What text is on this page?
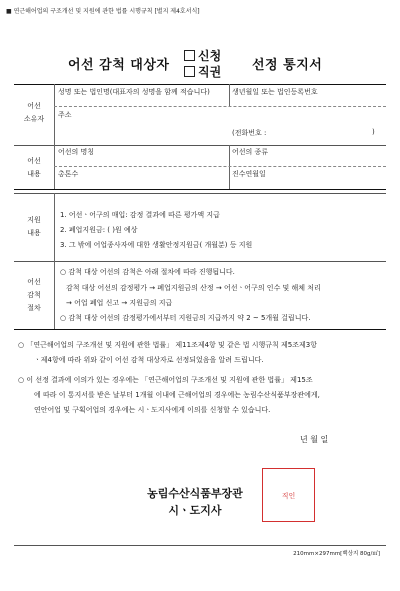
■ 연근해어업의 구조개선 및 지원에 관한 법률 시행규칙 [별지 제4호서식]
어선 감척 대상자
신청
직권 선정 통지서
어선
소유자
성명 또는 법인명(대표자의 성명을 함께 적습니다)	생년월일 또는 법인등록번호
주소
(전화번호 :	)
어선
내용
어선의 명칭	어선의 종류
총톤수	진수연월일
지원
내용
1. 어선ㆍ어구의 매입: 감정 결과에 따른 평가액 지급
2. 폐업지원금: ( )원 예상
3. 그 밖에 어업종사자에 대한 생활안정지원금( 개월분) 등 지원
어선
감척
절차
○ 감척 대상 어선의 감척은 아래 절차에 따라 진행됩니다.
감척 대상 어선의 감정평가 → 폐업지원금의 산정 → 어선ㆍ어구의 인수 및 해체 처리
→ 어업 폐업 신고 → 지원금의 지급
○ 감척 대상 어선의 감정평가에서부터 지원금의 지급까지 약 2 ~ 5개월 걸립니다.
○ 「연근해어업의 구조개선 및 지원에 관한 법률」 제11조제4항 및 같은 법 시행규칙 제5조제3항
ㆍ제4항에 따라 위와 같이 어선 감척 대상자로 선정되었음을 알려 드립니다.
○ 이 선정 결과에 이의가 있는 경우에는 「연근해어업의 구조개선 및 지원에 관한 법률」 제15조
에 따라 이 통지서를 받은 날부터 1개월 이내에 근해어업의 경우에는 농림수산식품부장관에게,
연안어업 및 구획어업의 경우에는 시ㆍ도지사에게 이의를 신청할 수 있습니다.
년 월 일
농림수산식품부장관
시ㆍ도지사
직인
210mm×297mm[백상지 80g/㎡]
